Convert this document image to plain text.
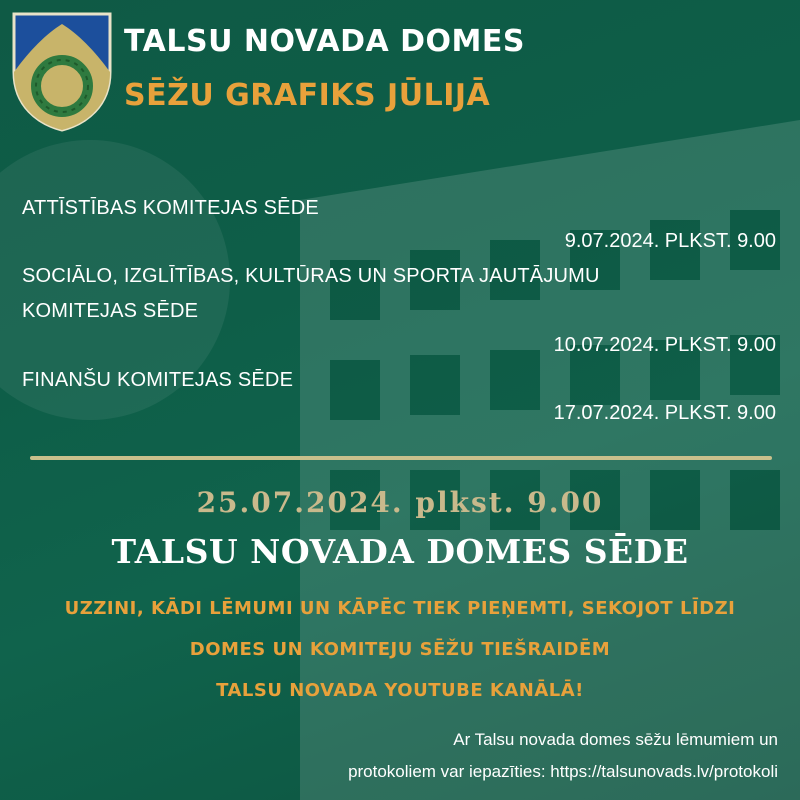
TALSU NOVADA DOMES
SĒŽU GRAFIKS JŪLIJĀ
ATTĪSTĪBAS KOMITEJAS SĒDE
9.07.2024. PLKST. 9.00
SOCIĀLO, IZGLĪTĪBAS, KULTŪRAS UN SPORTA JAUTĀJUMU
KOMITEJAS SĒDE
10.07.2024. PLKST. 9.00
FINANŠU KOMITEJAS SĒDE
17.07.2024. PLKST. 9.00
25.07.2024. plkst. 9.00
TALSU NOVADA DOMES SĒDE
UZZINI, KĀDI LĒMUMI UN KĀPĒC TIEK PIEŅEMTI, SEKOJOT LĪDZI
DOMES UN KOMITEJU SĒŽU TIEŠRAIDĒM
TALSU NOVADA YOUTUBE KANĀLĀ!
Ar Talsu novada domes sēžu lēmumiem un
protokoliem var iepazīties: https://talsunovads.lv/protokoli
